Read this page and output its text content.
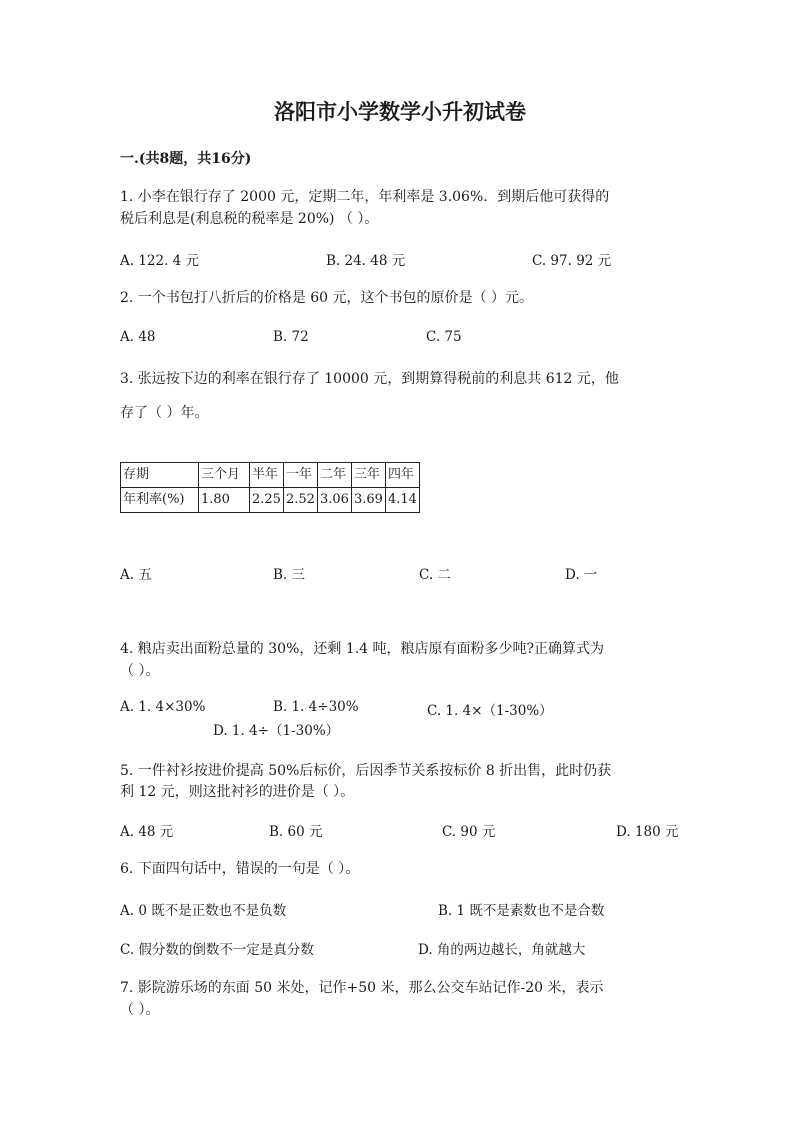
洛阳市小学数学小升初试卷
一.(共8题，共16分)
1. 小李在银行存了 2000 元，定期二年，年利率是 3.06%．到期后他可获得的
税后利息是(利息税的税率是 20%) （ ）。
A. 122. 4 元	B. 24. 48 元	C. 97. 92 元
2. 一个书包打八折后的价格是 60 元，这个书包的原价是（ ）元。
A. 48	B. 72	C. 75
3. 张远按下边的利率在银行存了 10000 元，到期算得税前的利息共 612 元，他
存了（ ）年。
存期	三个月	半年	一年	二年	三年	四年
年利率(%)	1.80	2.25	2.52	3.06	3.69	4.14
A. 五	B. 三	C. 二	D. 一
4. 粮店卖出面粉总量的 30%，还剩 1.4 吨，粮店原有面粉多少吨?正确算式为
（ ）。
A. 1. 4×30%	B. 1. 4÷30%	C. 1. 4×（1-30%）
D. 1. 4÷（1-30%）
5. 一件衬衫按进价提高 50%后标价，后因季节关系按标价 8 折出售，此时仍获
利 12 元，则这批衬衫的进价是（ ）。
A. 48 元	B. 60 元	C. 90 元	D. 180 元
6. 下面四句话中，错误的一句是（ ）。
A. 0 既不是正数也不是负数	B. 1 既不是素数也不是合数
C. 假分数的倒数不一定是真分数	D. 角的两边越长，角就越大
7. 影院游乐场的东面 50 米处，记作+50 米，那么公交车站记作-20 米，表示
（ ）。
